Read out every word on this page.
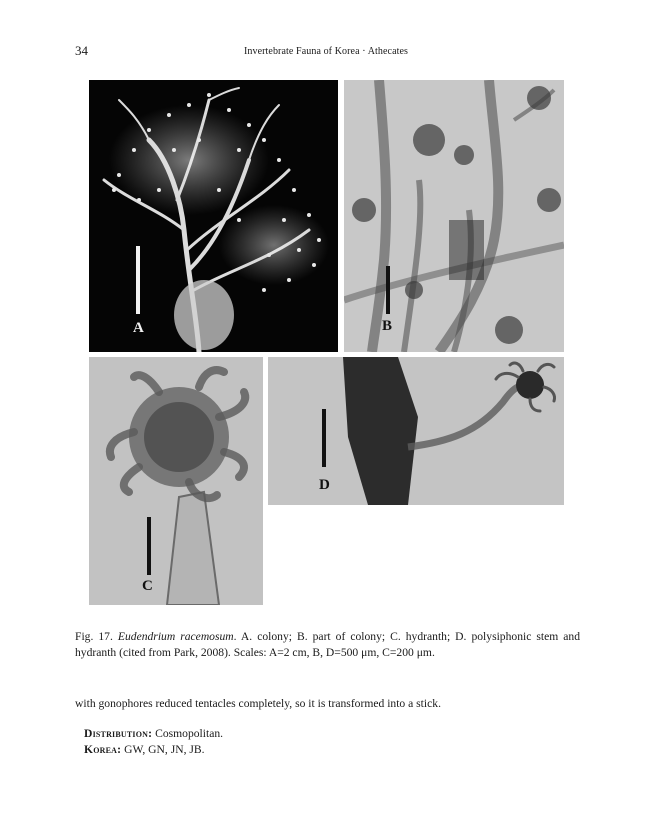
34	Invertebrate Fauna of Korea · Athecates
A	B
C
D
Fig. 17. Eudendrium racemosum. A. colony; B. part of colony; C. hydranth; D. polysiphonic stem and hydranth (cited from Park, 2008). Scales: A=2 cm, B, D=500 μm, C=200 μm.
with gonophores reduced tentacles completely, so it is transformed into a stick.
Distribution: Cosmopolitan.
Korea: GW, GN, JN, JB.
